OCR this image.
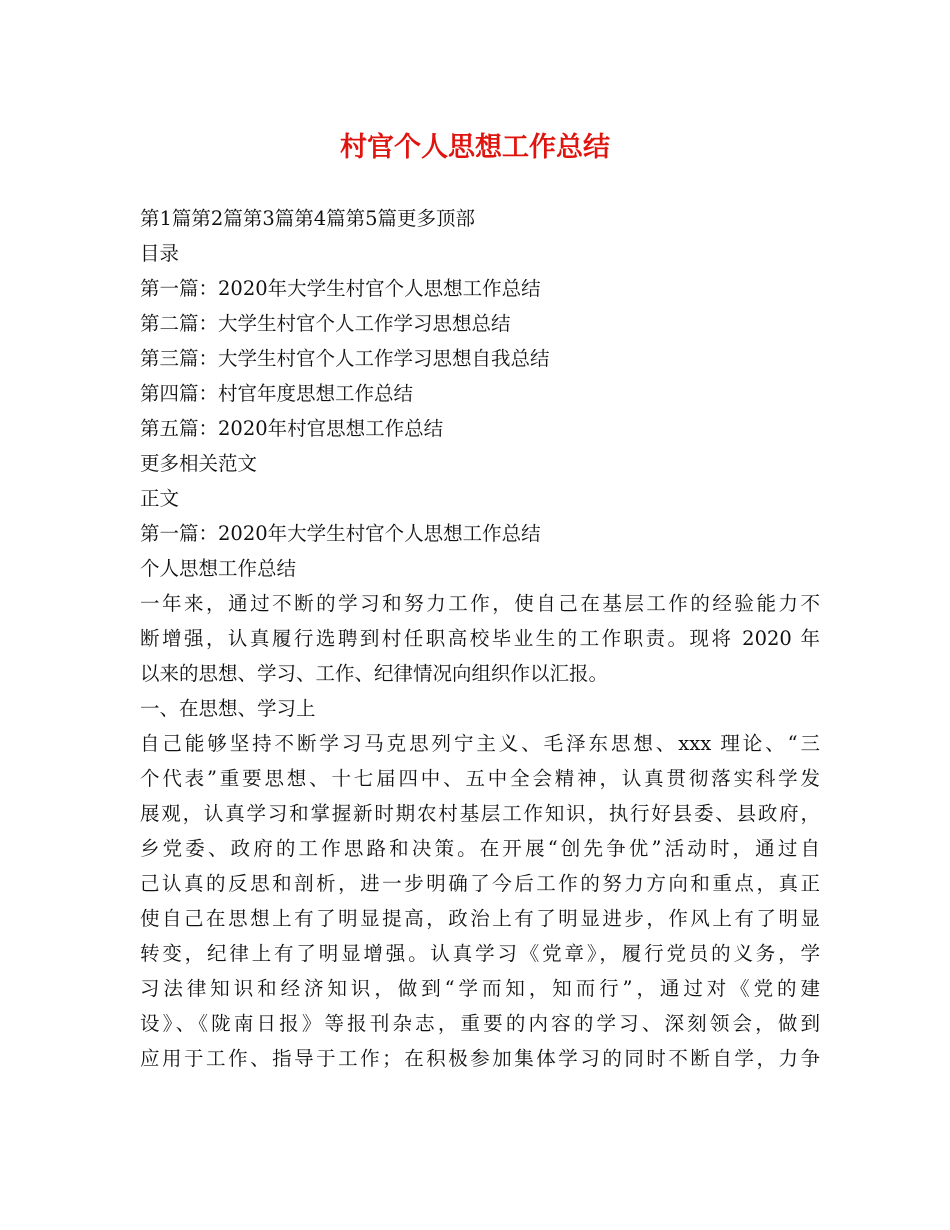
村官个人思想工作总结
第1篇第2篇第3篇第4篇第5篇更多顶部
目录
第一篇：2020年大学生村官个人思想工作总结
第二篇：大学生村官个人工作学习思想总结
第三篇：大学生村官个人工作学习思想自我总结
第四篇：村官年度思想工作总结
第五篇：2020年村官思想工作总结
更多相关范文
正文
第一篇：2020年大学生村官个人思想工作总结
个人思想工作总结
一年来，通过不断的学习和努力工作，使自己在基层工作的经验能力不
断增强，认真履行选聘到村任职高校毕业生的工作职责。现将 2020 年
以来的思想、学习、工作、纪律情况向组织作以汇报。
一、在思想、学习上
自己能够坚持不断学习马克思列宁主义、毛泽东思想、xxx 理论、“三
个代表”重要思想、十七届四中、五中全会精神，认真贯彻落实科学发
展观，认真学习和掌握新时期农村基层工作知识，执行好县委、县政府，
乡党委、政府的工作思路和决策。在开展“创先争优”活动时，通过自
己认真的反思和剖析，进一步明确了今后工作的努力方向和重点，真正
使自己在思想上有了明显提高，政治上有了明显进步，作风上有了明显
转变，纪律上有了明显增强。认真学习《党章》，履行党员的义务，学
习法律知识和经济知识，做到“学而知，知而行”，通过对《党的建
设》、《陇南日报》等报刊杂志，重要的内容的学习、深刻领会，做到
应用于工作、指导于工作；在积极参加集体学习的同时不断自学，力争
